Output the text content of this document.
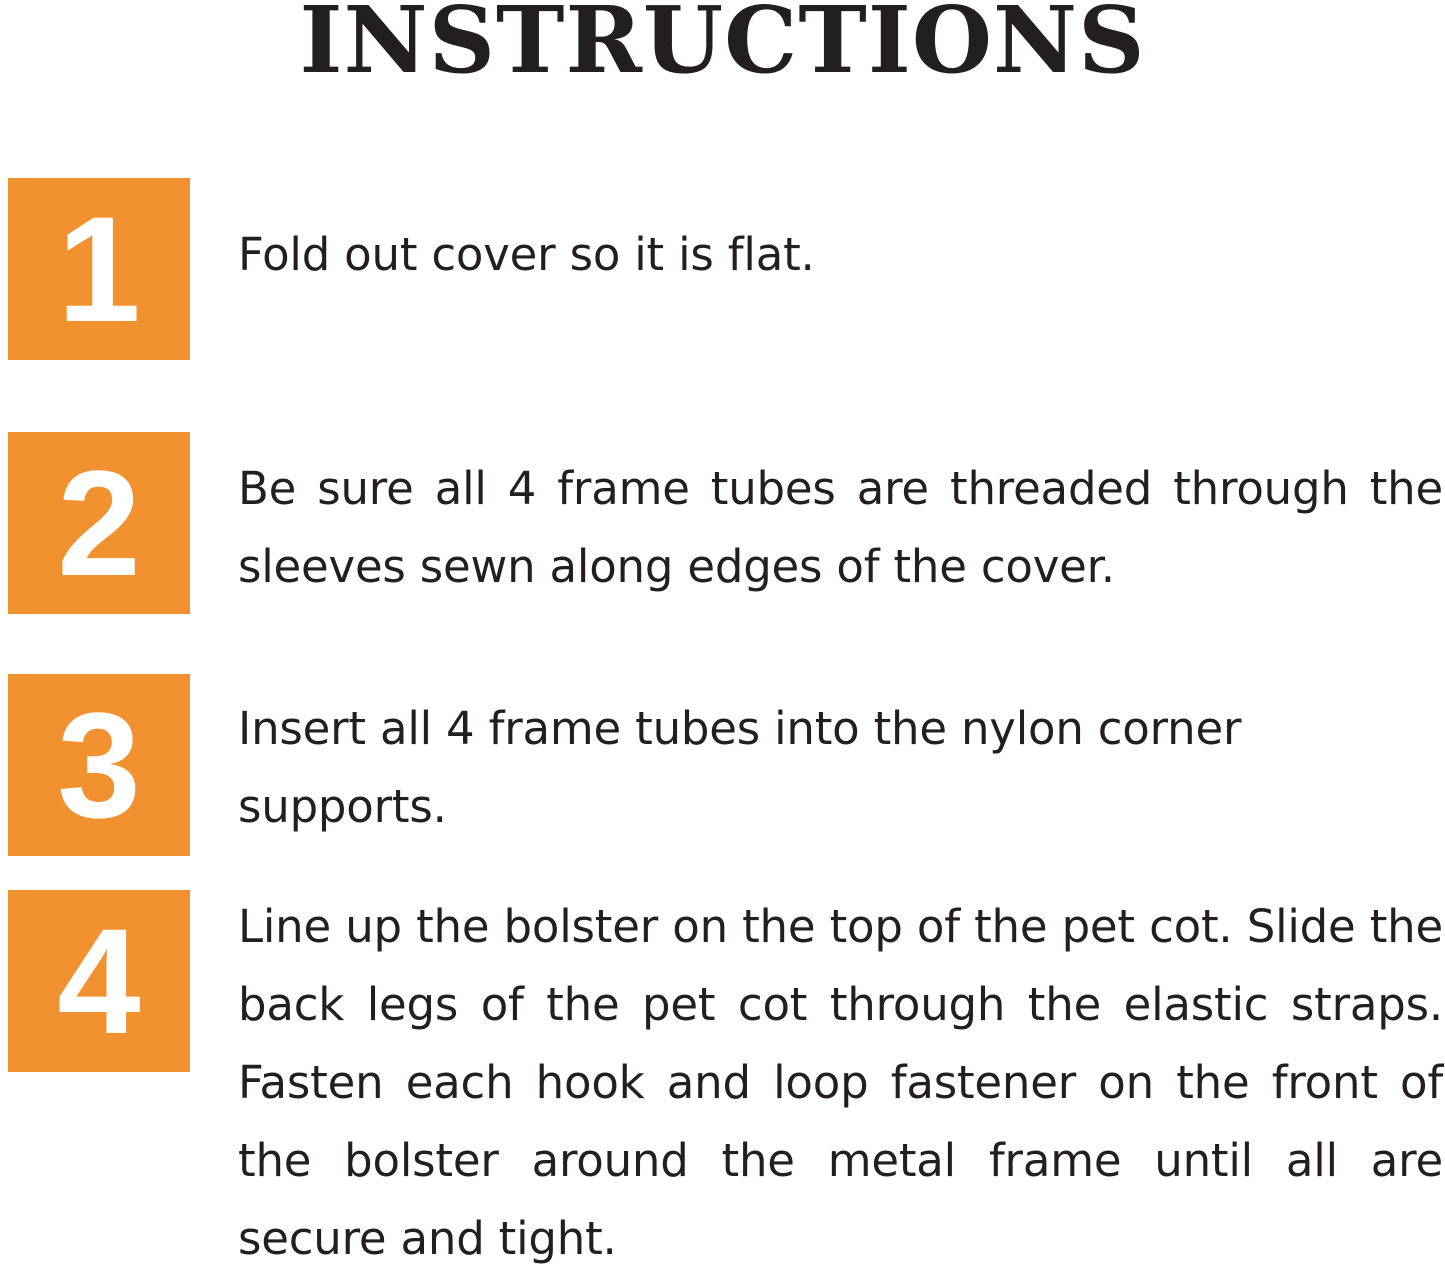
INSTRUCTIONS
1	Fold out cover so it is flat.
2	Be sure all 4 frame tubes are threaded through the sleeves sewn along edges of the cover.
3	Insert all 4 frame tubes into the nylon corner supports.
4	Line up the bolster on the top of the pet cot. Slide the back legs of the pet cot through the elastic straps. Fasten each hook and loop fastener on the front of the bolster around the metal frame until all are secure and tight.
